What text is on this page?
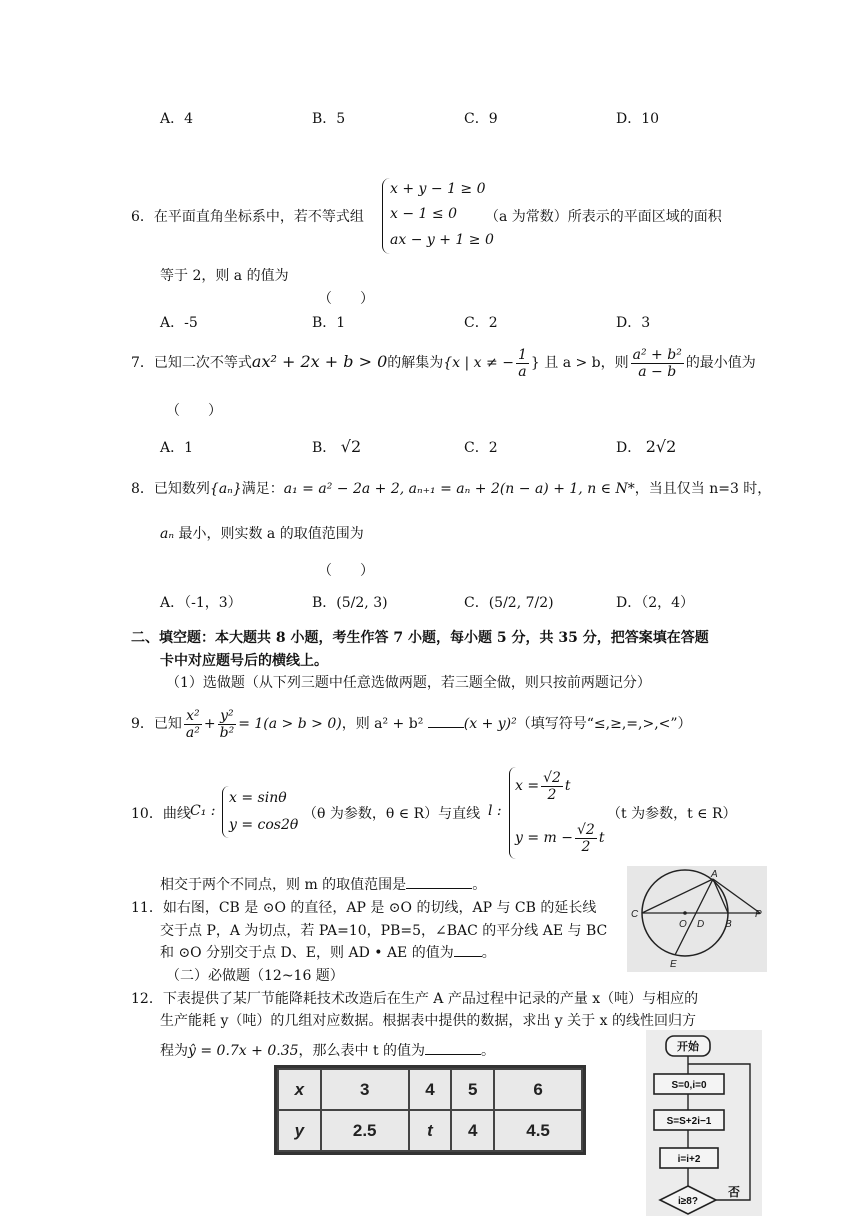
A．4	B．5	C．9	D．10
6．在平面直角坐标系中，若不等式组
x + y − 1 ≥ 0
x − 1 ≤ 0
ax − y + 1 ≥ 0
（a 为常数）所表示的平面区域的面积
等于 2，则 a 的值为
（　　）
A．-5	B．1	C．2	D．3
7．已知二次不等式ax² + 2x + b > 0的解集为{x | x ≠ − $\frac{1}{a}$ } 且 a > b，则 $\frac{\text{a² + b²}}{a - b}$ 的最小值为
（　　）
A．1	B． √2	C．2	D． 2√2
8．已知数列{aₙ}满足：a₁ = a² − 2a + 2, aₙ₊₁ = aₙ + 2(n − a) + 1, n ∈ N*，当且仅当 n=3 时，
aₙ 最小，则实数 a 的取值范围为
（　　）
A．（-1，3）	B．(5/2, 3)	C．(5/2, 7/2)	D．（2，4）
二、填空题：本大题共 8 小题，考生作答 7 小题，每小题 5 分，共 35 分，把答案填在答题
卡中对应题号后的横线上。
（1）选做题（从下列三题中任意选做两题，若三题全做，则只按前两题记分）
9．已知 $\frac{\text{x²}}{\text{a²}} + \frac{\text{y²}}{\text{b²}} = 1(a > b > 0)$，则 a² + b²	(x + y)²（填写符号“≤,≥,=,>,<”）
10．曲线 C₁ :
x = sinθ
y = cos2θ
（θ 为参数，θ ∈ R）与直线 l :
$x = \frac{√2}{2}$ t
$y = m - \frac{√2}{2}$ t
（t 为参数，t ∈ R）
相交于两个不同点，则 m 的取值范围是	。
11．如右图，CB 是 ⊙O 的直径，AP 是 ⊙O 的切线，AP 与 CB 的延长线
交于点 P，A 为切点，若 PA=10，PB=5，∠BAC 的平分线 AE 与 BC
和 ⊙O 分别交于点 D、E，则 AD • AE 的值为 。
（二）必做题（12~16 题）
A
C
O D B
P
E
12．下表提供了某厂节能降耗技术改造后在生产 A 产品过程中记录的产量 x（吨）与相应的
生产能耗 y（吨）的几组对应数据。根据表中提供的数据，求出 y 关于 x 的线性回归方
程为ŷ = 0.7x + 0.35，那么表中 t 的值为	。
x	3	4	5	6
y	2.5	t	4	4.5
开始
S=0,i=0
S=S+2i−1
i=i+2
i≥8?
否
